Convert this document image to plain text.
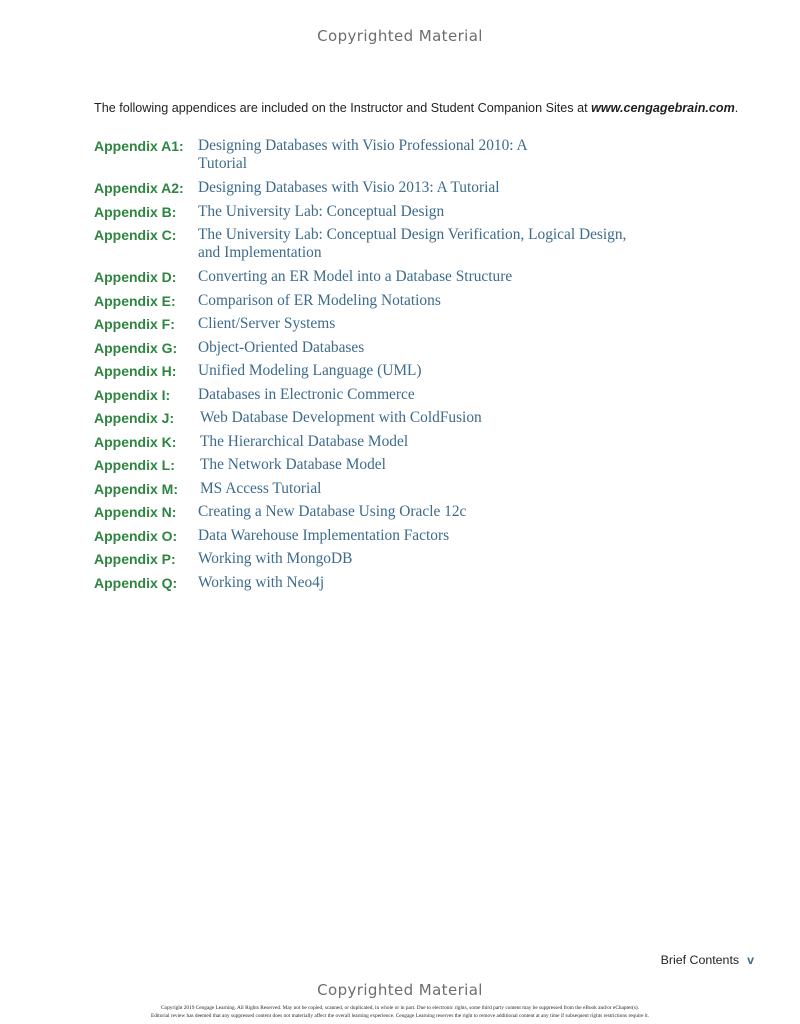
Copyrighted Material
The following appendices are included on the Instructor and Student Companion Sites at www.cengagebrain.com.
Appendix A1: Designing Databases with Visio Professional 2010: A Tutorial
Appendix A2: Designing Databases with Visio 2013: A Tutorial
Appendix B: The University Lab: Conceptual Design
Appendix C: The University Lab: Conceptual Design Verification, Logical Design, and Implementation
Appendix D: Converting an ER Model into a Database Structure
Appendix E: Comparison of ER Modeling Notations
Appendix F: Client/Server Systems
Appendix G: Object-Oriented Databases
Appendix H: Unified Modeling Language (UML)
Appendix I: Databases in Electronic Commerce
Appendix J: Web Database Development with ColdFusion
Appendix K: The Hierarchical Database Model
Appendix L: The Network Database Model
Appendix M: MS Access Tutorial
Appendix N: Creating a New Database Using Oracle 12c
Appendix O: Data Warehouse Implementation Factors
Appendix P: Working with MongoDB
Appendix Q: Working with Neo4j
Brief Contents v
Copyrighted Material
Copyright 2019 Cengage Learning. All Rights Reserved. May not be copied, scanned, or duplicated, in whole or in part. Due to electronic rights, some third party content may be suppressed from the eBook and/or eChapter(s).
Editorial review has deemed that any suppressed content does not materially affect the overall learning experience. Cengage Learning reserves the right to remove additional content at any time if subsequent rights restrictions require it.
